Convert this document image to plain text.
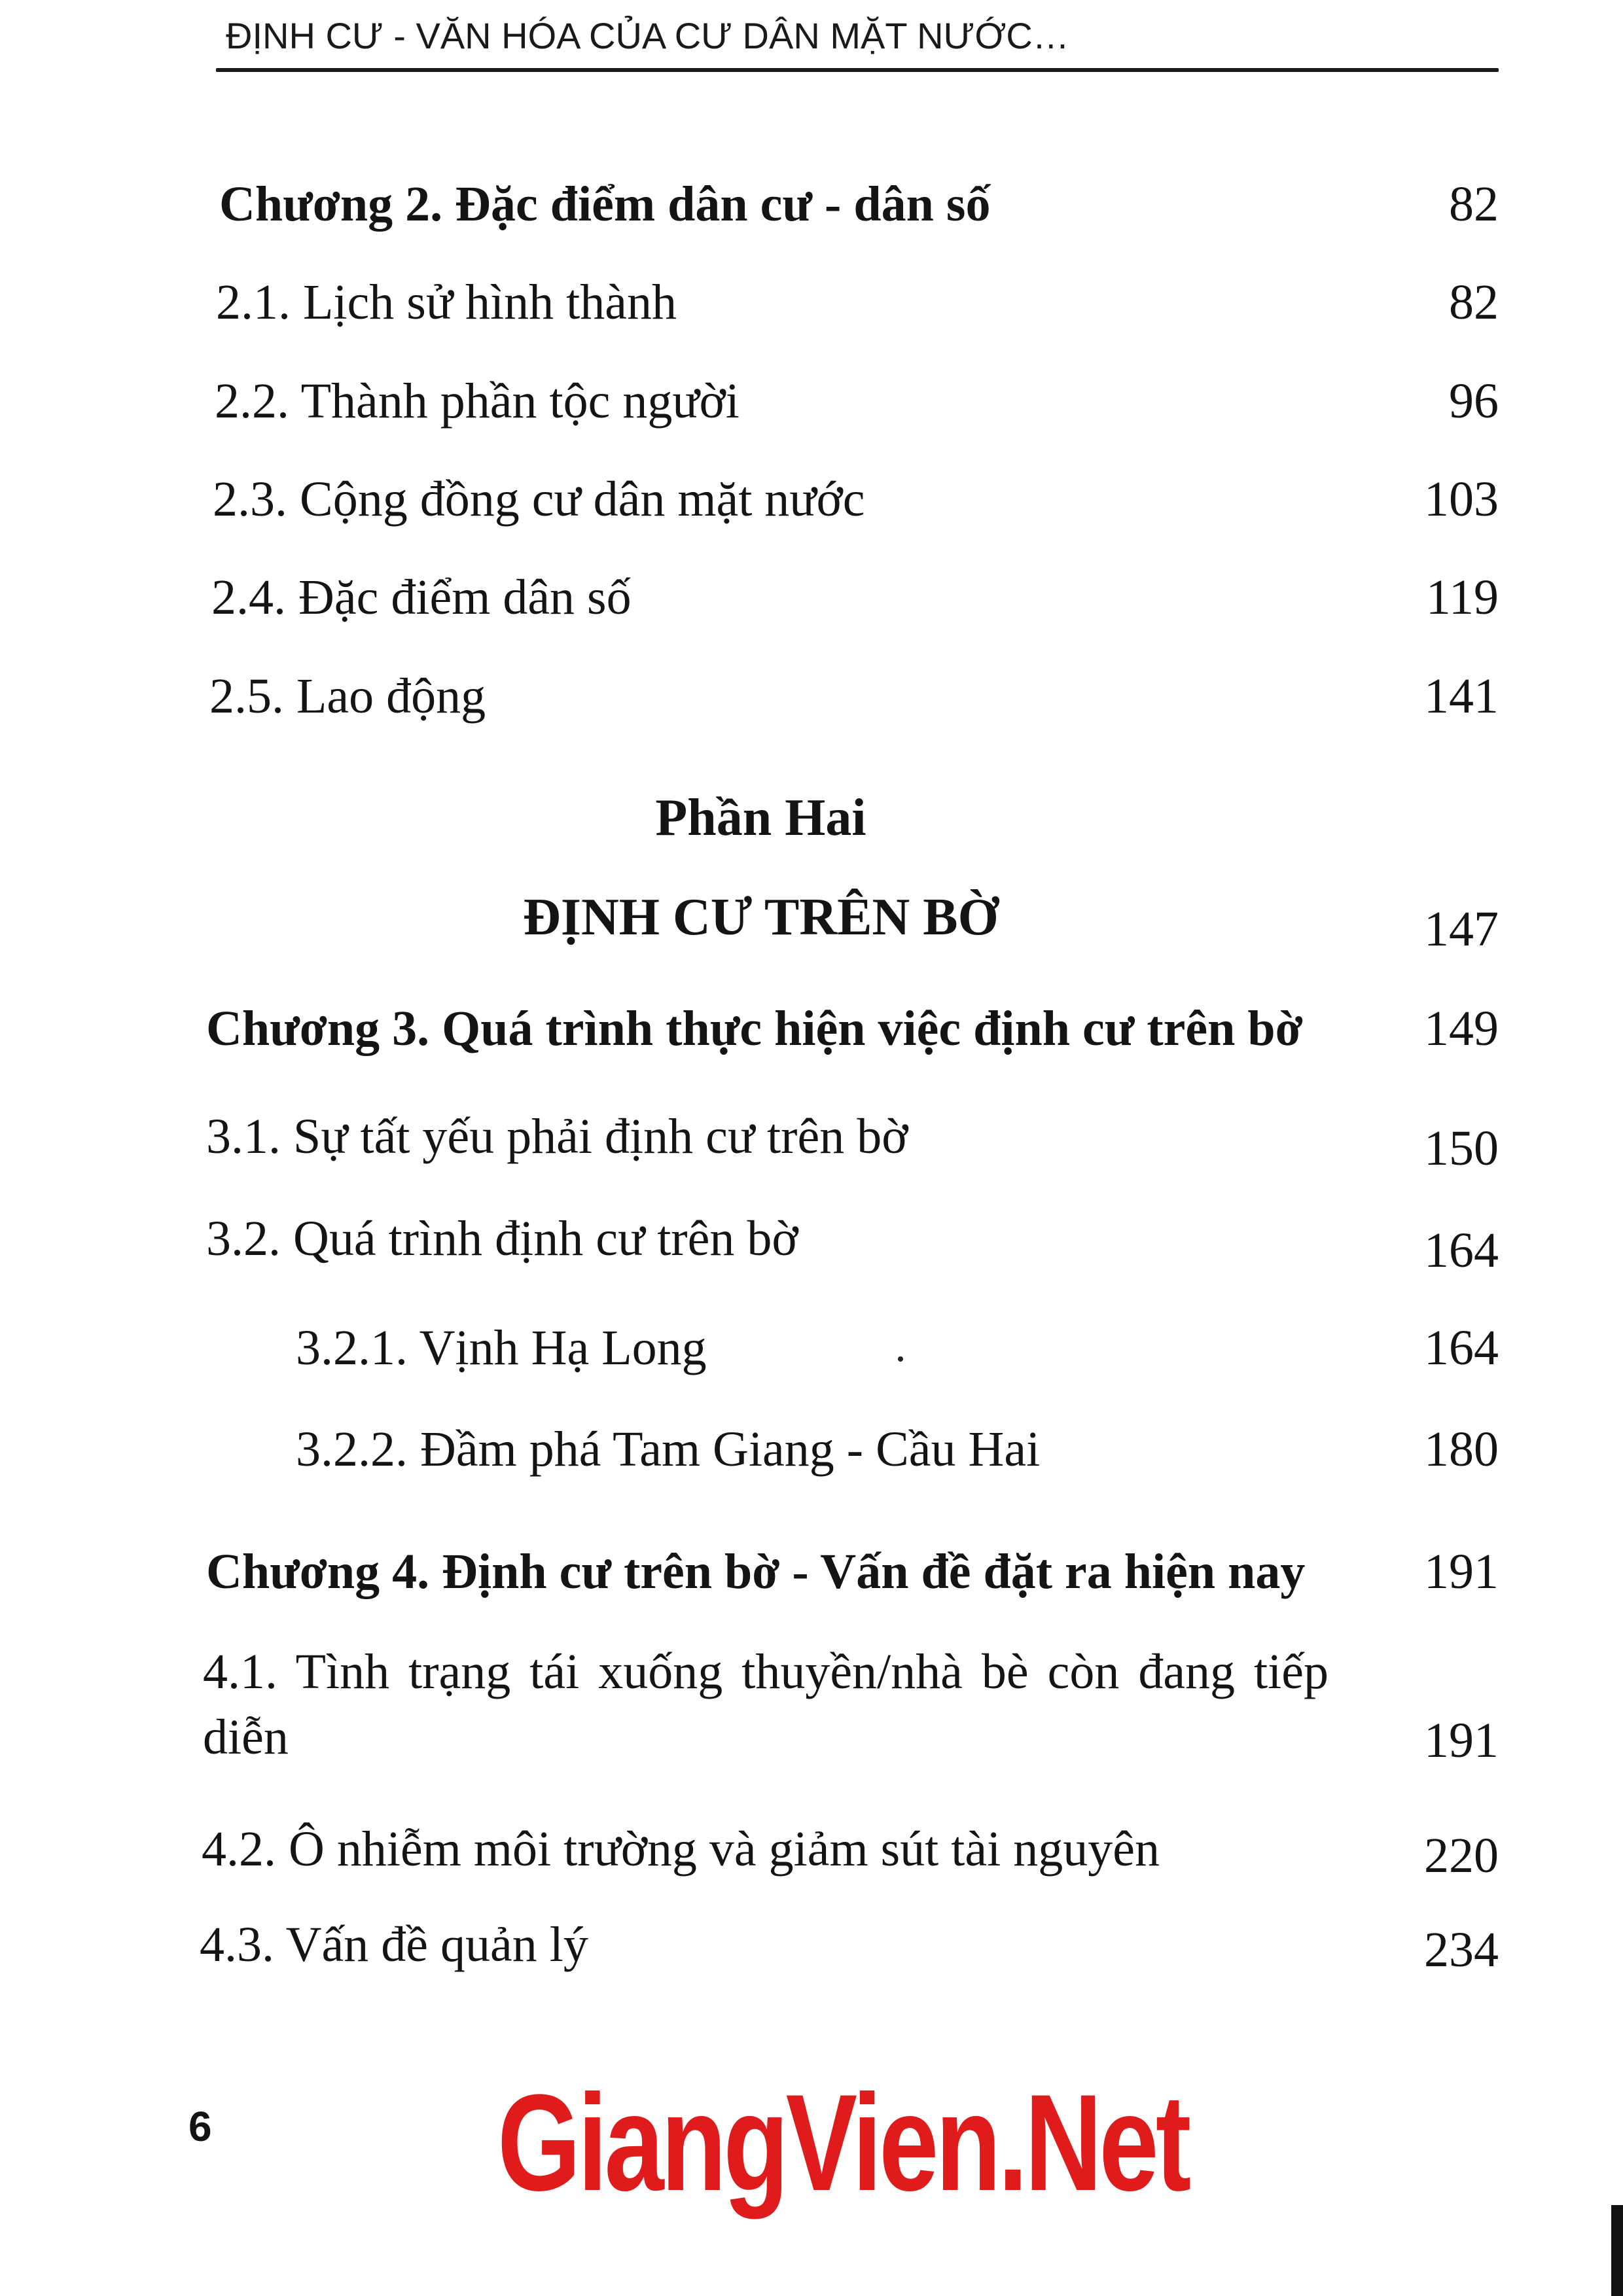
ĐỊNH CƯ - VĂN HÓA CỦA CƯ DÂN MẶT NƯỚC…
Chương 2. Đặc điểm dân cư - dân số	82
2.1. Lịch sử hình thành	82
2.2. Thành phần tộc người	96
2.3. Cộng đồng cư dân mặt nước	103
2.4. Đặc điểm dân số	119
2.5. Lao động	141
Phần Hai
ĐỊNH CƯ TRÊN BỜ	147
Chương 3. Quá trình thực hiện việc định cư trên bờ 149
3.1. Sự tất yếu phải định cư trên bờ	150
3.2. Quá trình định cư trên bờ	164
3.2.1. Vịnh Hạ Long	164
3.2.2. Đầm phá Tam Giang - Cầu Hai	180
Chương 4. Định cư trên bờ - Vấn đề đặt ra hiện nay 191
4.1. Tình trạng tái xuống thuyền/nhà bè còn đang tiếp diễn	191
4.2. Ô nhiễm môi trường và giảm sút tài nguyên	220
4.3. Vấn đề quản lý	234
6 GiangVien.Net
